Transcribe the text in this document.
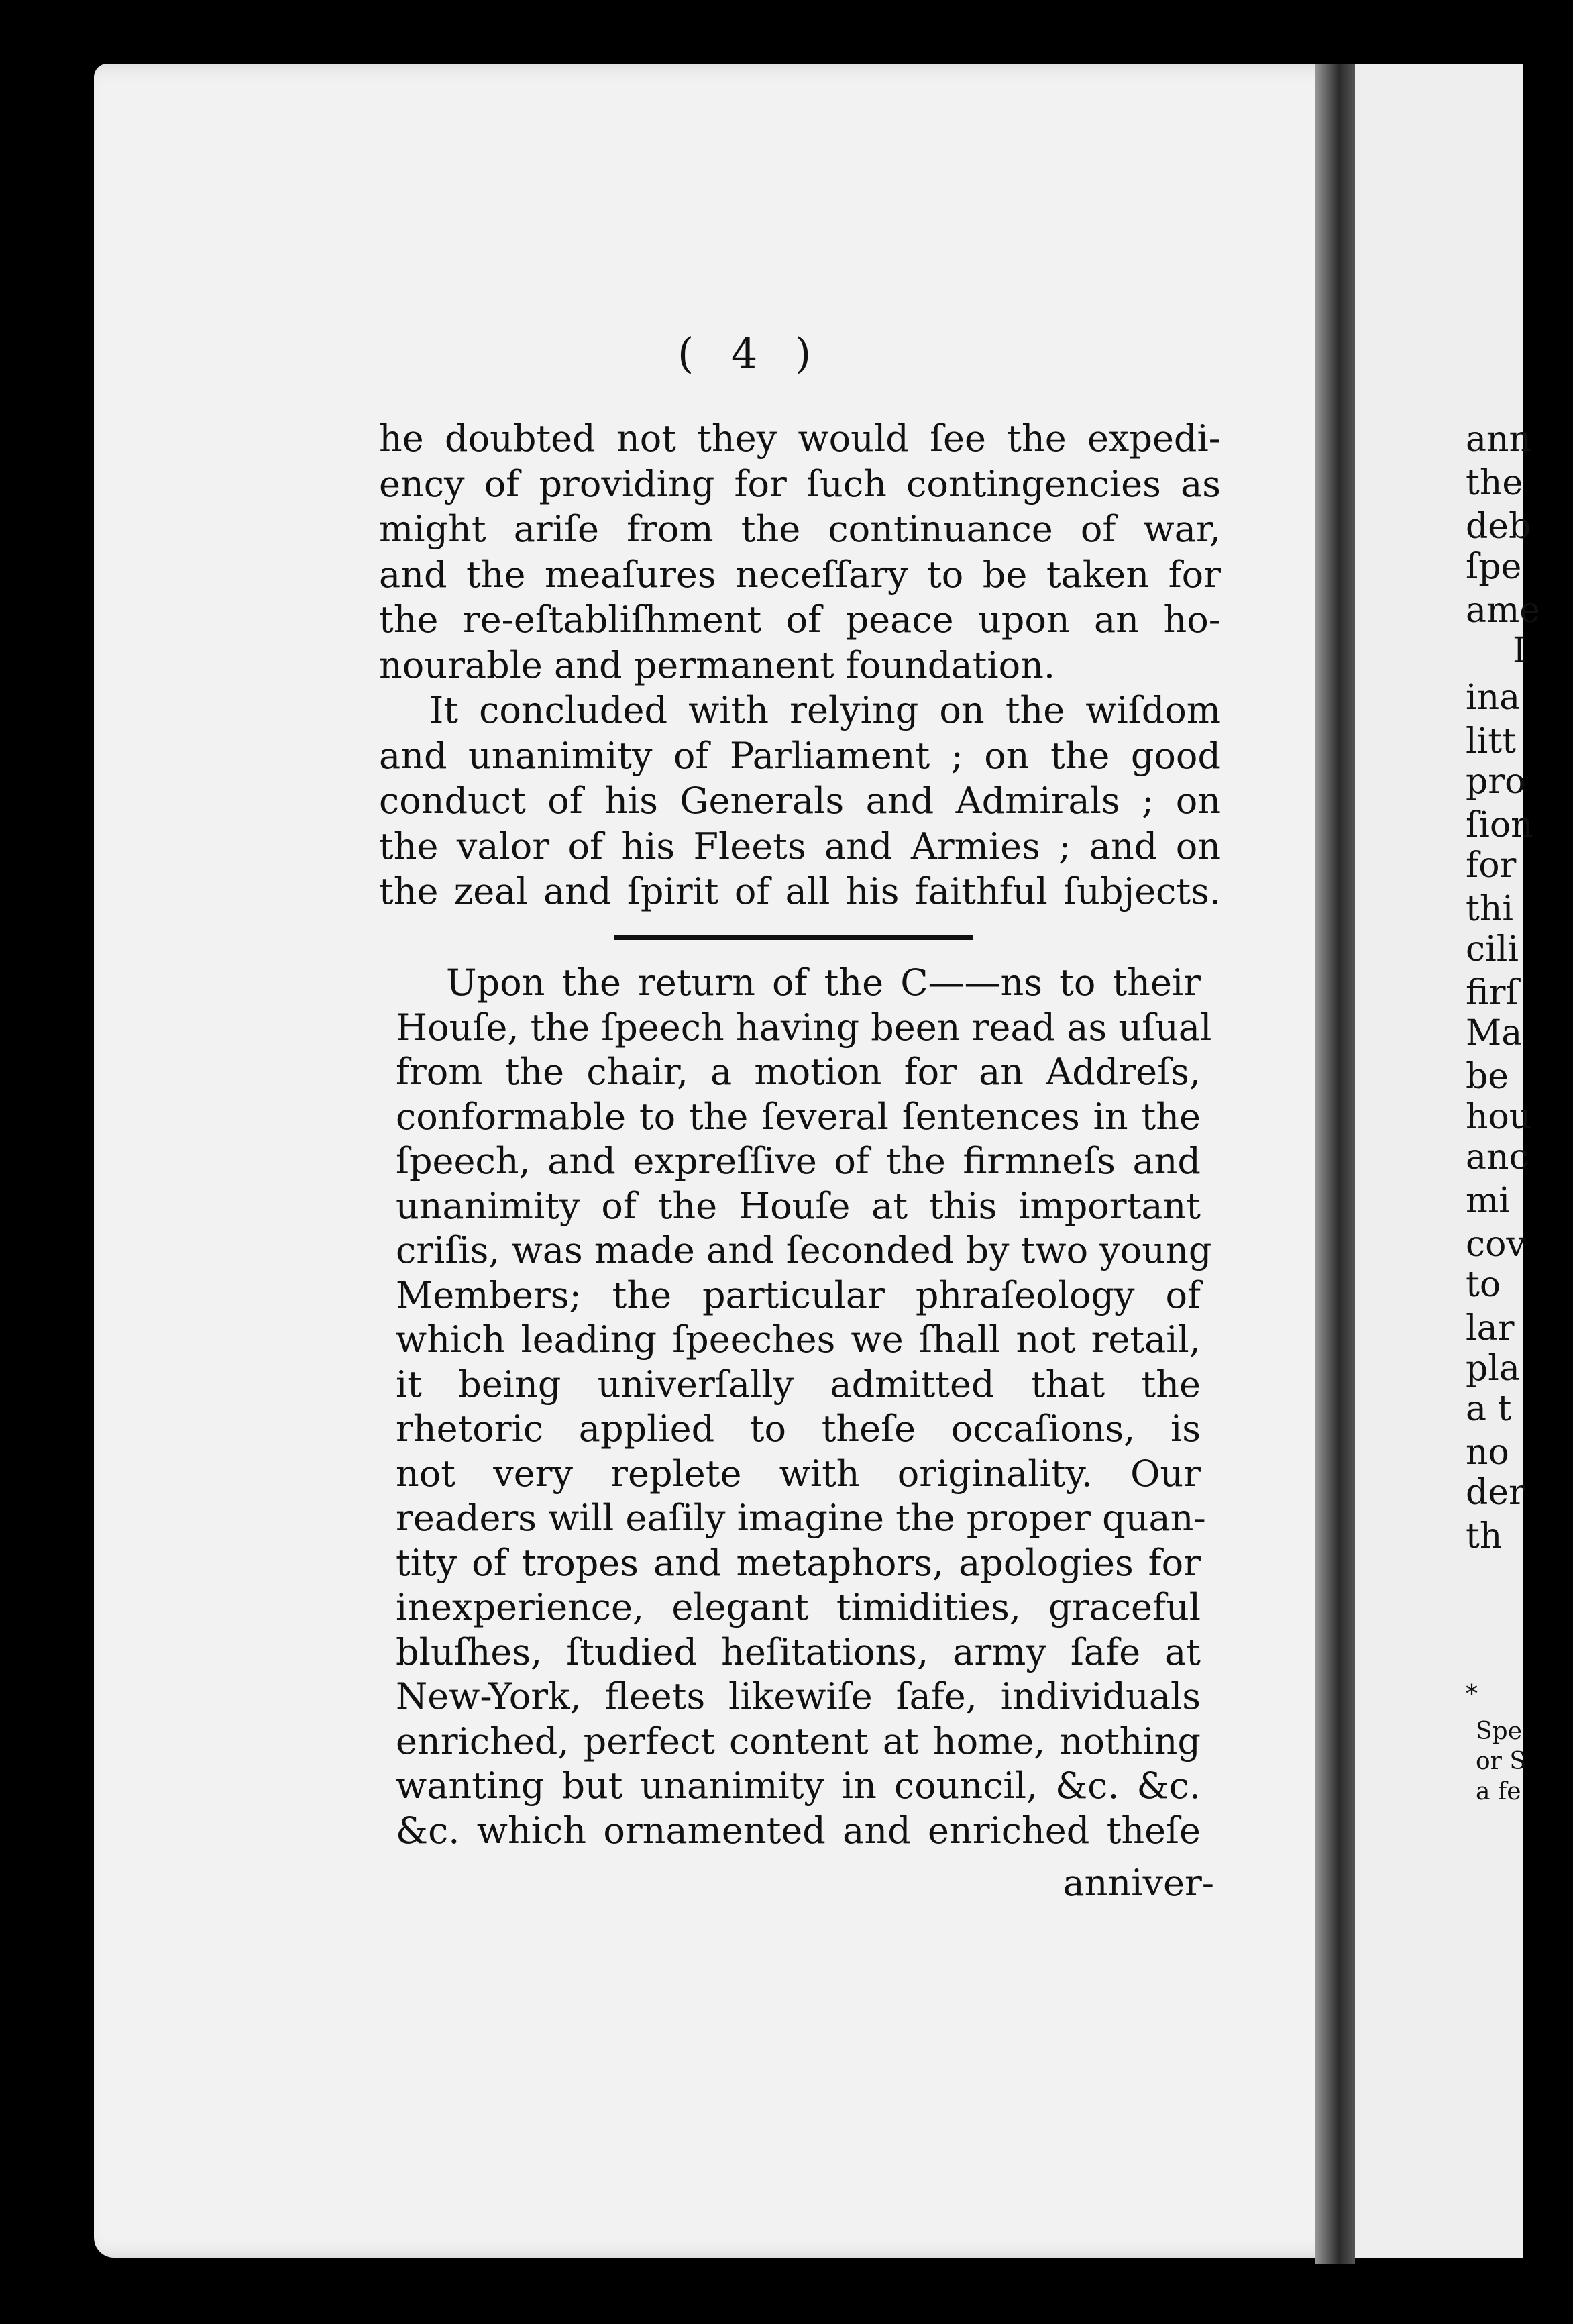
( 4 )
he doubted not they would ſee the expedi-
ency of providing for ſuch contingencies as
might ariſe from the continuance of war,
and the meaſures neceſſary to be taken for
the re-eſtabliſhment of peace upon an ho-
nourable and permanent foundation.
It concluded with relying on the wiſdom
and unanimity of Parliament ; on the good
conduct of his Generals and Admirals ; on
the valor of his Fleets and Armies ; and on
the zeal and ſpirit of all his faithful ſubjects.
Upon the return of the C——ns to their
Houſe, the ſpeech having been read as uſual
from the chair, a motion for an Addreſs,
conformable to the ſeveral ſentences in the
ſpeech, and expreſſive of the firmneſs and
unanimity of the Houſe at this important
criſis, was made and ſeconded by two young
Members; the particular phraſeology of
which leading ſpeeches we ſhall not retail,
it being univerſally admitted that the
rhetoric applied to theſe occaſions, is
not very replete with originality. Our
readers will eaſily imagine the proper quan-
tity of tropes and metaphors, apologies for
inexperience, elegant timidities, graceful
bluſhes, ſtudied heſitations, army ſafe at
New-York, fleets likewiſe ſafe, individuals
enriched, perfect content at home, nothing
wanting but unanimity in council, &c. &c.
&c. which ornamented and enriched theſe
anniver-
ann
the
deb
ſpe
ame
I
ina
litt
pro
ſion
for
thi
cili
firſ
Ma
be
hou
anc
mi
cov
to
lar
pla
a t
no
der
th
*
Spe
or S
a fe
